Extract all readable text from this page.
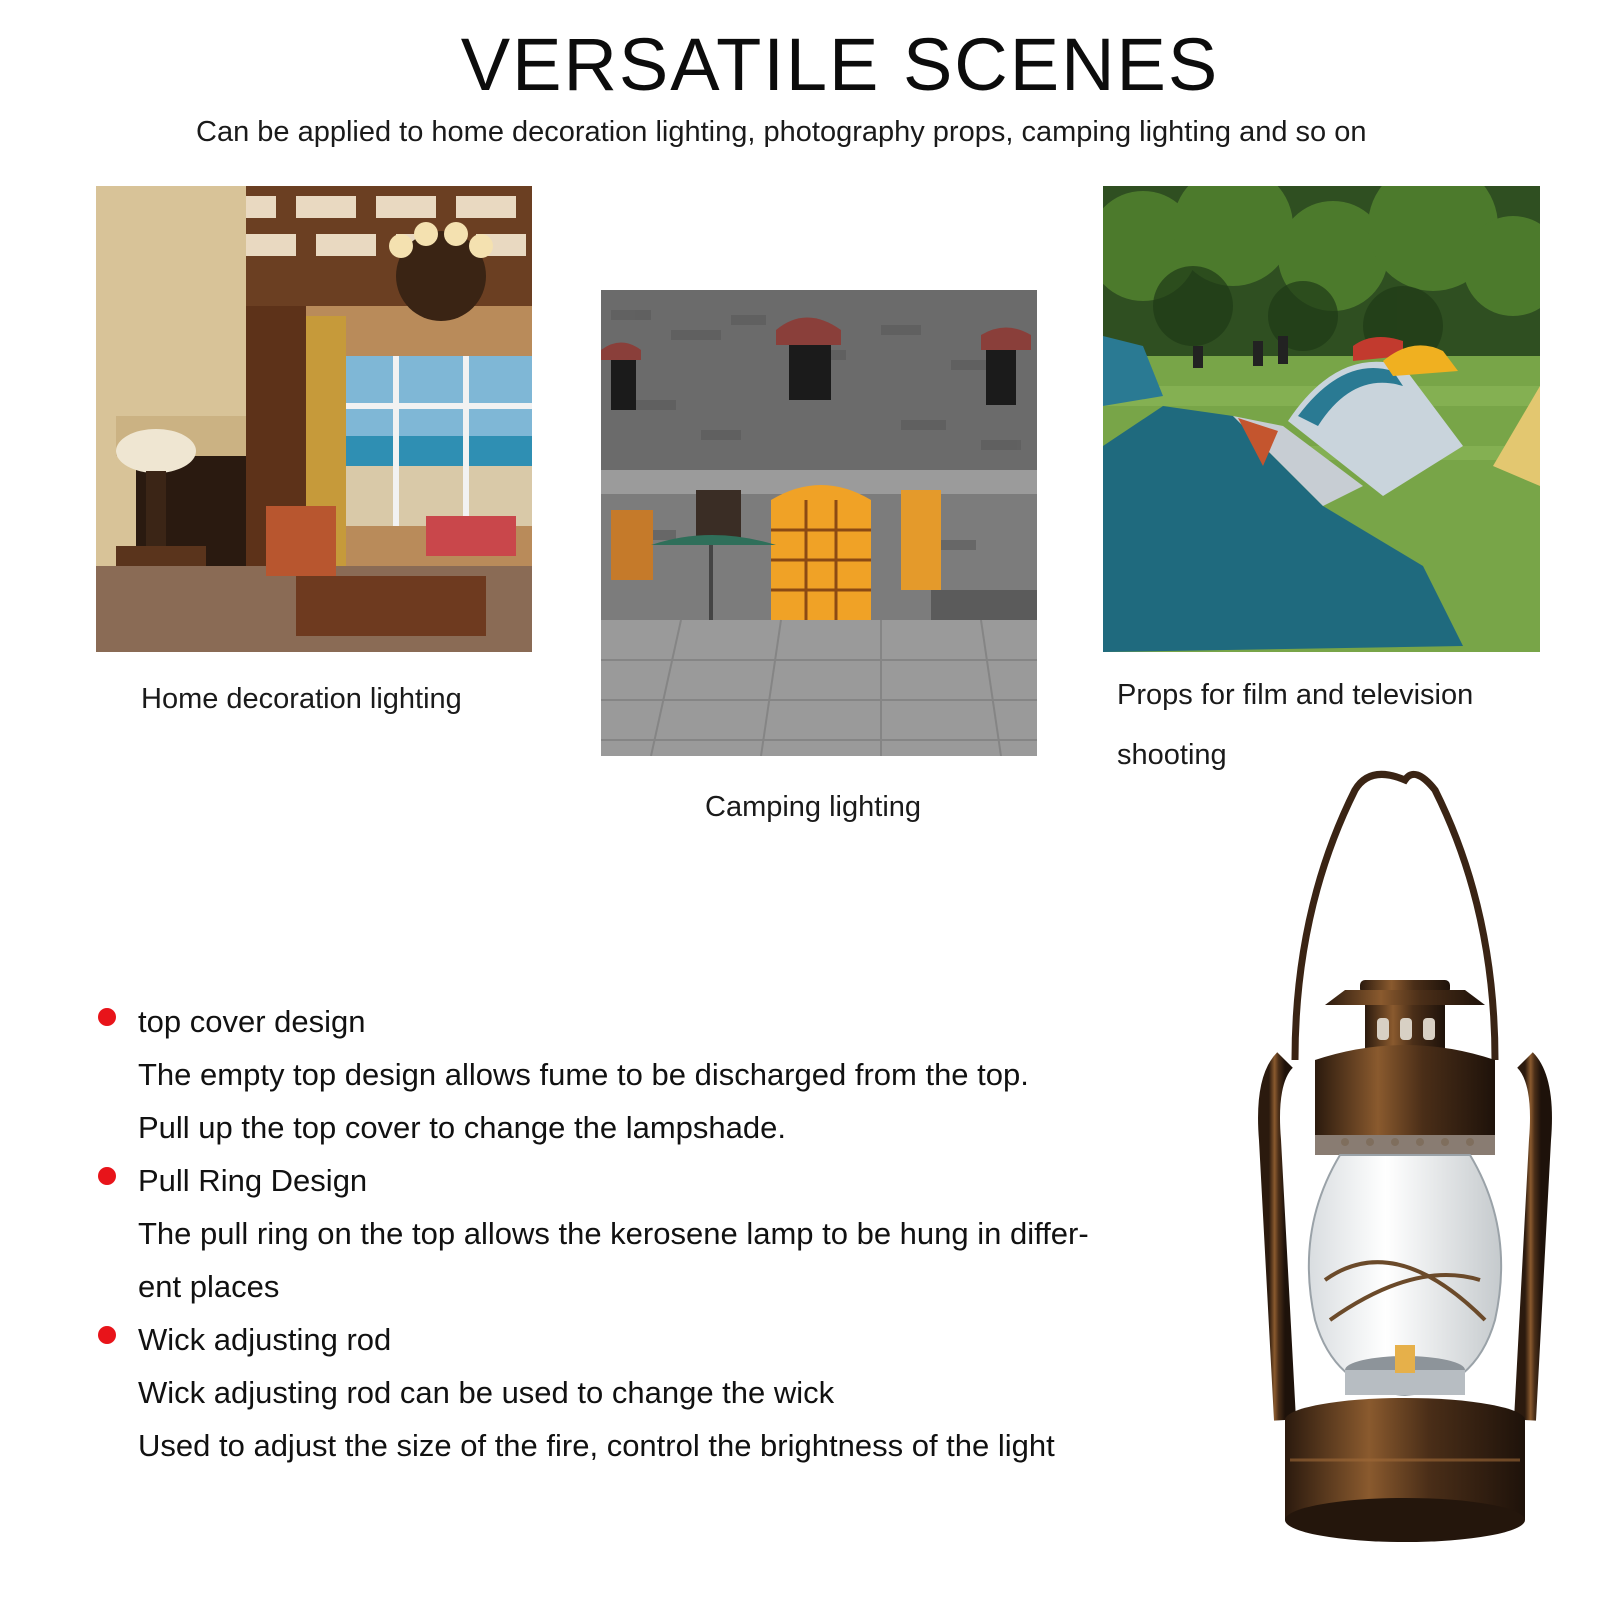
VERSATILE SCENES
Can be applied to home decoration lighting, photography props, camping lighting and so on
Home decoration lighting
Camping lighting
Props for film and television
shooting
top cover design
The empty top design allows fume to be discharged from the top.
Pull up the top cover to change the lampshade.
Pull Ring Design
The pull ring on the top allows the kerosene lamp to be hung in differ-
ent places
Wick adjusting rod
Wick adjusting rod can be used to change the wick
Used to adjust the size of the fire, control the brightness of the light
